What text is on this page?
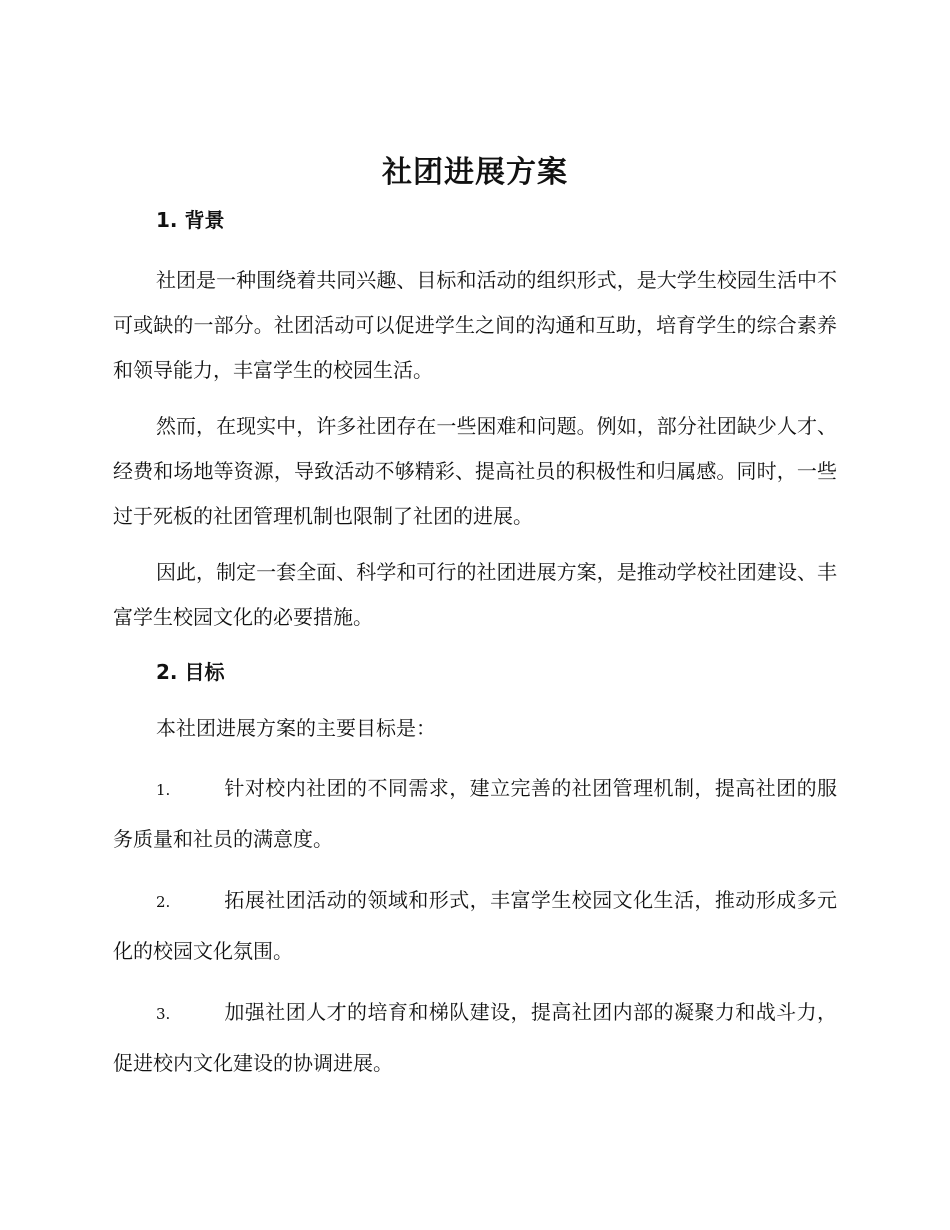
社团进展方案
1. 背景

社团是一种围绕着共同兴趣、目标和活动的组织形式，是大学生校园生活中不可或缺的一部分。社团活动可以促进学生之间的沟通和互助，培育学生的综合素养和领导能力，丰富学生的校园生活。

然而，在现实中，许多社团存在一些困难和问题。例如，部分社团缺少人才、经费和场地等资源，导致活动不够精彩、提高社员的积极性和归属感。同时，一些过于死板的社团管理机制也限制了社团的进展。

因此，制定一套全面、科学和可行的社团进展方案，是推动学校社团建设、丰富学生校园文化的必要措施。

2. 目标

本社团进展方案的主要目标是：

1.	针对校内社团的不同需求，建立完善的社团管理机制，提高社团的服务质量和社员的满意度。

2.	拓展社团活动的领域和形式，丰富学生校园文化生活，推动形成多元化的校园文化氛围。

3.	加强社团人才的培育和梯队建设，提高社团内部的凝聚力和战斗力，促进校内文化建设的协调进展。
